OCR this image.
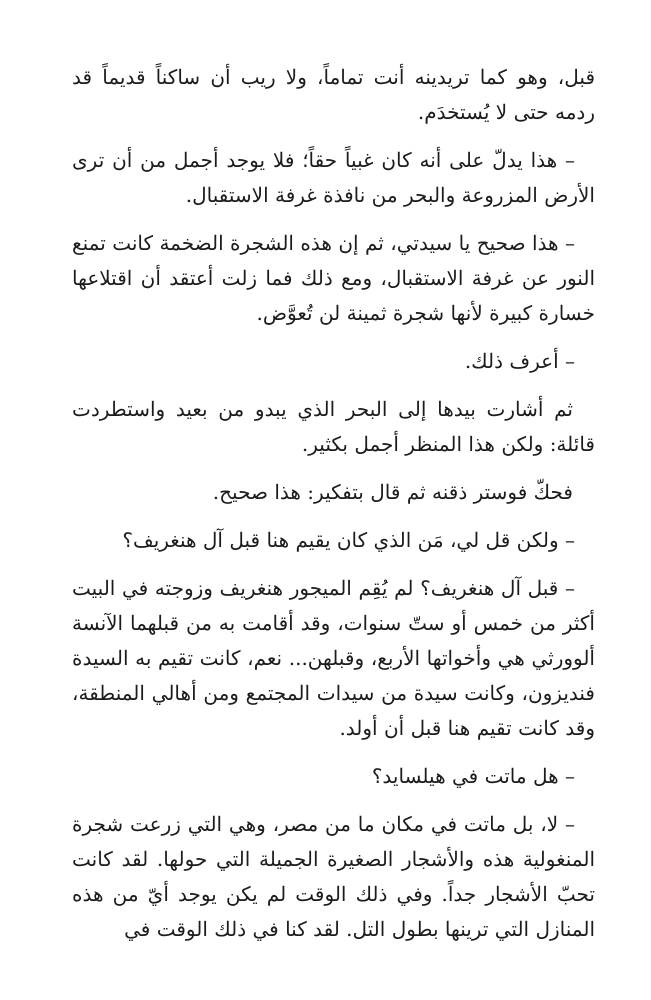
قبل، وهو كما تريدينه أنت تماماً، ولا ريب أن ساكناً قديماً قد ردمه حتى لا يُستخدَم.

– هذا يدلّ على أنه كان غبياً حقاً؛ فلا يوجد أجمل من أن ترى الأرض المزروعة والبحر من نافذة غرفة الاستقبال.

– هذا صحيح يا سيدتي، ثم إن هذه الشجرة الضخمة كانت تمنع النور عن غرفة الاستقبال، ومع ذلك فما زلت أعتقد أن اقتلاعها خسارة كبيرة لأنها شجرة ثمينة لن تُعوَّض.

– أعرف ذلك.

ثم أشارت بيدها إلى البحر الذي يبدو من بعيد واستطردت قائلة: ولكن هذا المنظر أجمل بكثير.

فحكّ فوستر ذقنه ثم قال بتفكير: هذا صحيح.

– ولكن قل لي، مَن الذي كان يقيم هنا قبل آل هنغريف؟

– قبل آل هنغريف؟ لم يُقِم الميجور هنغريف وزوجته في البيت أكثر من خمس أو ستّ سنوات، وقد أقامت به من قبلهما الآنسة ألوورثي هي وأخواتها الأربع، وقبلهن... نعم، كانت تقيم به السيدة فنديزون، وكانت سيدة من سيدات المجتمع ومن أهالي المنطقة، وقد كانت تقيم هنا قبل أن أولد.

– هل ماتت في هيلسايد؟

– لا، بل ماتت في مكان ما من مصر، وهي التي زرعت شجرة المنغولية هذه والأشجار الصغيرة الجميلة التي حولها. لقد كانت تحبّ الأشجار جداً. وفي ذلك الوقت لم يكن يوجد أيّ من هذه المنازل التي ترينها بطول التل. لقد كنا في ذلك الوقت في
